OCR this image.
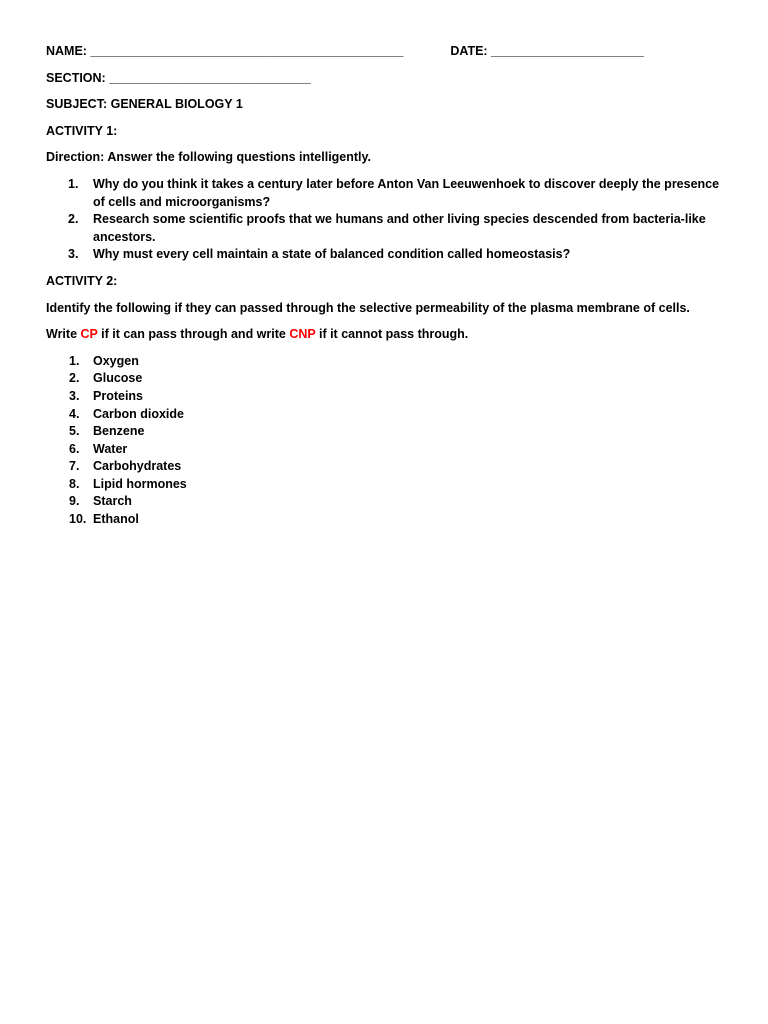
NAME: _____________________________________________	DATE: ______________________

SECTION: _____________________________

SUBJECT: GENERAL BIOLOGY 1

ACTIVITY 1:

Direction: Answer the following questions intelligently.

1.	Why do you think it takes a century later before Anton Van Leeuwenhoek to discover deeply the presence of cells and microorganisms?
2.	Research some scientific proofs that we humans and other living species descended from bacteria-like ancestors.
3.	Why must every cell maintain a state of balanced condition called homeostasis?

ACTIVITY 2:

Identify the following if they can passed through the selective permeability of the plasma membrane of cells.

Write CP if it can pass through and write CNP if it cannot pass through.

1.	Oxygen
2.	Glucose
3.	Proteins
4.	Carbon dioxide
5.	Benzene
6.	Water
7.	Carbohydrates
8.	Lipid hormones
9.	Starch
10. Ethanol
